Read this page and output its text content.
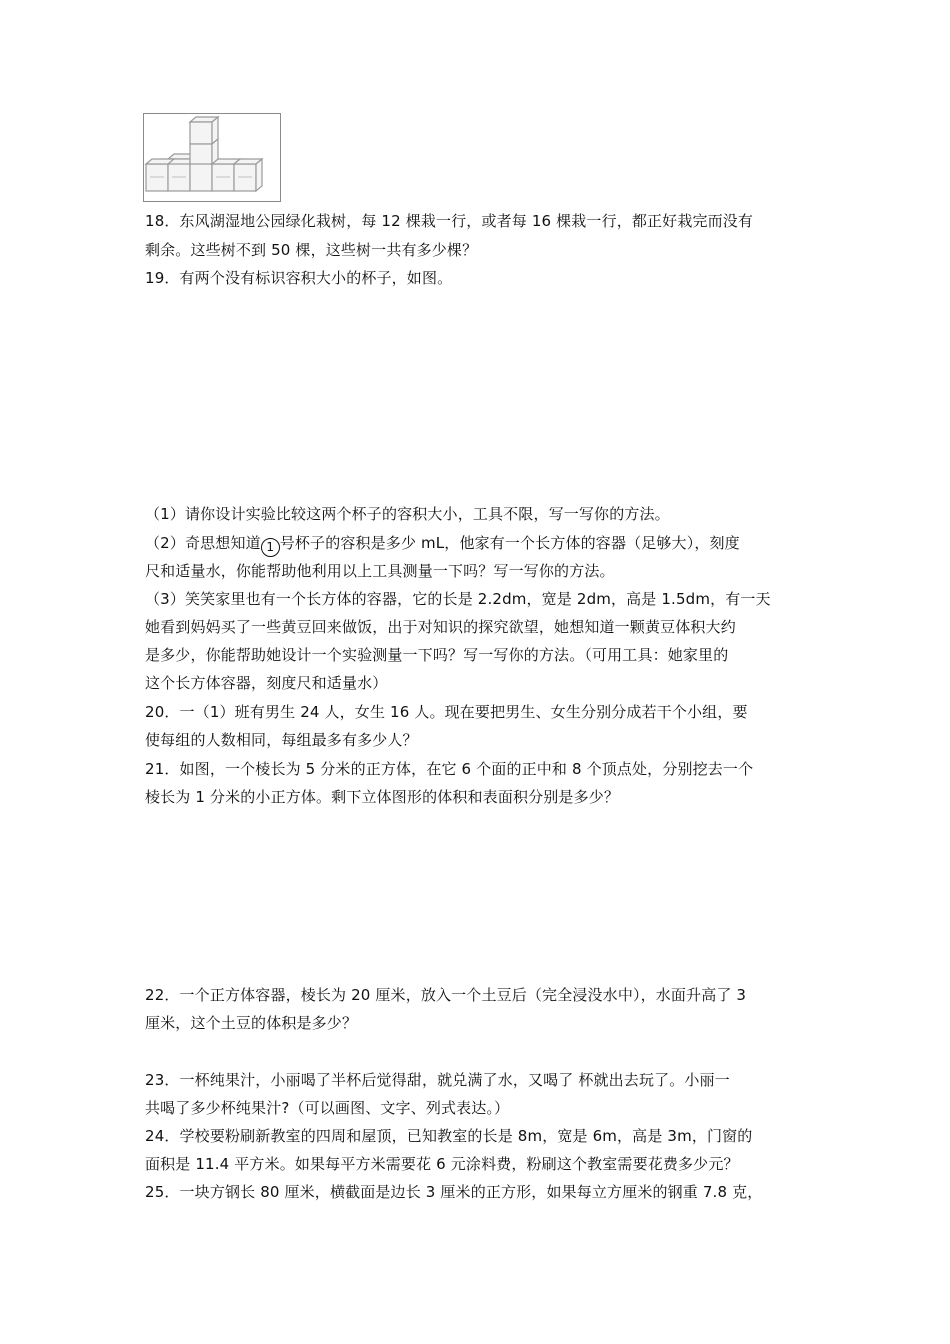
18．东风湖湿地公园绿化栽树，每 12 棵栽一行，或者每 16 棵栽一行，都正好栽完而没有
剩余。这些树不到 50 棵，这些树一共有多少棵？
19．有两个没有标识容积大小的杯子，如图。
（1）请你设计实验比较这两个杯子的容积大小，工具不限，写一写你的方法。
（2）奇思想知道 1 号杯子的容积是多少 mL，他家有一个长方体的容器（足够大），刻度
尺和适量水，你能帮助他利用以上工具测量一下吗？写一写你的方法。
（3）笑笑家里也有一个长方体的容器，它的长是 2.2dm，宽是 2dm，高是 1.5dm，有一天
她看到妈妈买了一些黄豆回来做饭，出于对知识的探究欲望，她想知道一颗黄豆体积大约
是多少，你能帮助她设计一个实验测量一下吗？写一写你的方法。（可用工具：她家里的
这个长方体容器，刻度尺和适量水）
20．一（1）班有男生 24 人，女生 16 人。现在要把男生、女生分别分成若干个小组，要
使每组的人数相同，每组最多有多少人？
21．如图，一个棱长为 5 分米的正方体，在它 6 个面的正中和 8 个顶点处，分别挖去一个
棱长为 1 分米的小正方体。剩下立体图形的体积和表面积分别是多少？
22．一个正方体容器，棱长为 20 厘米，放入一个土豆后（完全浸没水中），水面升高了 3
厘米，这个土豆的体积是多少？
23．一杯纯果汁，小丽喝了半杯后觉得甜，就兑满了水，又喝了 杯就出去玩了。小丽一
共喝了多少杯纯果汁?（可以画图、文字、列式表达。）
24．学校要粉刷新教室的四周和屋顶，已知教室的长是 8m，宽是 6m，高是 3m，门窗的
面积是 11.4 平方米。如果每平方米需要花 6 元涂料费，粉刷这个教室需要花费多少元？
25．一块方钢长 80 厘米，横截面是边长 3 厘米的正方形，如果每立方厘米的钢重 7.8 克，
